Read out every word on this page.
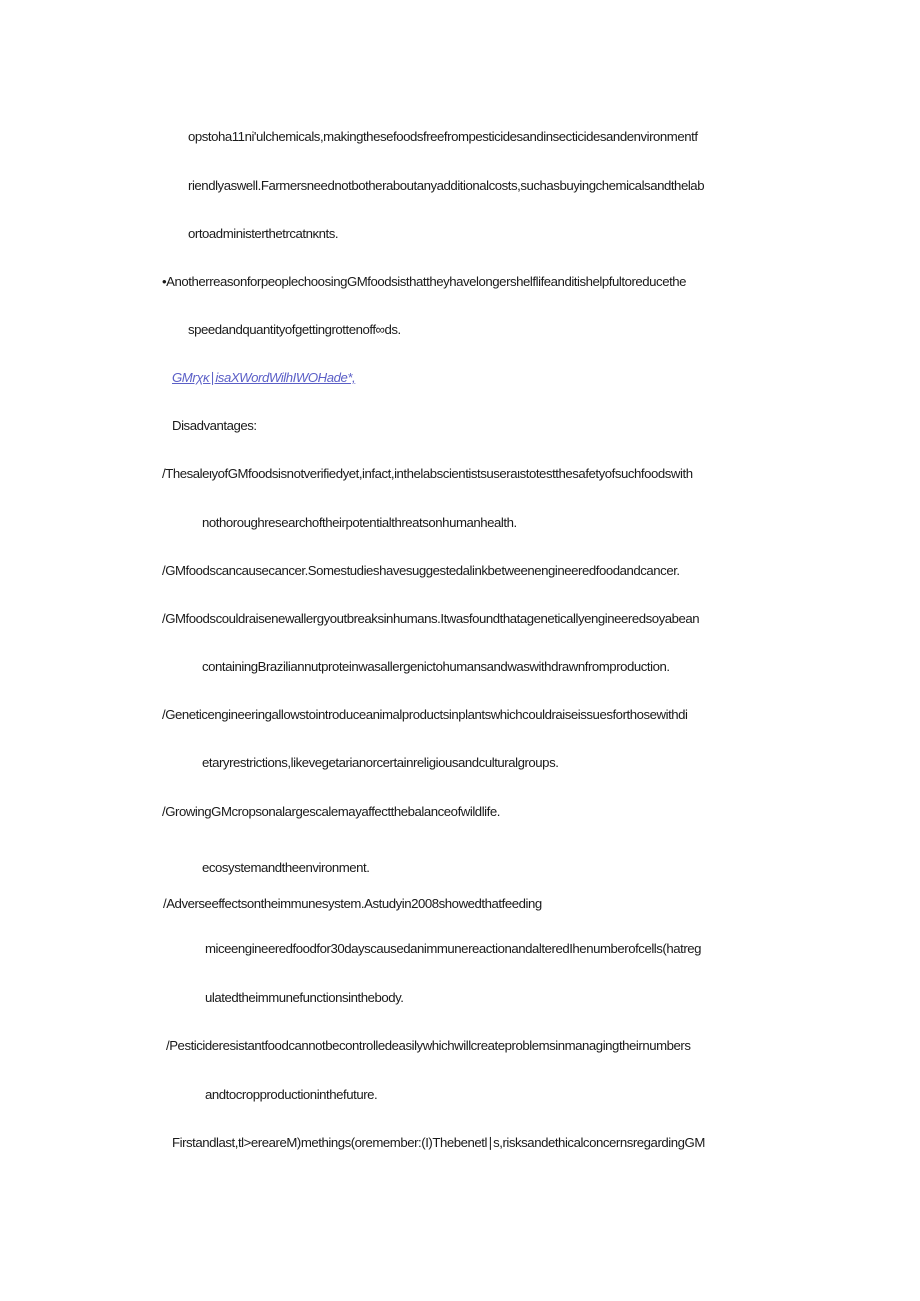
opstoha11ni'ulchemicals,makingthesefoodsfreefrompesticidesandinsecticidesandenvironmentf

riendlyaswell.Farmersneednotbotheraboutanyadditionalcosts,suchasbuyingchemicalsandthelab

ortoadministerthetrcatnκnts.

•AnotherreasonforpeoplechoosingGMfoodsisthattheyhavelongershelflifeanditishelpfultoreducethe

speedandquantityofgettingrottenoff∞ds.

GMrχκ∣isaXWordWilhIWOHade*,

Disadvantages:

/ThesaleιyofGMfoodsisnotverifiedyet,infact,inthelabscientistsuseraιstotestthesafetyofsuchfoodswith

nothoroughresearchoftheirpotentialthreatsonhumanhealth.

/GMfoodscancausecancer.Somestudieshavesuggestedalinkbetweenengineeredfoodandcancer.

/GMfoodscouldraisenewallergyoutbreaksinhumans.Itwasfoundthatageneticallyengineeredsoyabean

containingBraziliannutproteinwasallergenictohumansandwaswithdrawnfromproduction.

/Geneticengineeringallowstointroduceanimalproductsinplantswhichcouldraiseissuesforthosewithdi

etaryrestrictions,likevegetarianorcertainreligiousandculturalgroups.

/GrowingGMcropsonalargescalemayaffectthebalanceofwildlife.

ecosystemandtheenvironment.

/Adverseeffectsontheimmunesystem.Astudyin2008showedthatfeeding

miceengineeredfoodfor30dayscausedanimmunereactionandalteredIhenumberofcells(hatreg

ulatedtheimmunefunctionsinthebody.

/Pesticideresistantfoodcannotbecontrolledeasilywhichwillcreateproblemsinmanagingtheirnumbers

andtocropproductioninthefuture.

Firstandlast,tl>ereareM)methings(oremember:(I)Thebenetl∣s,risksandethicalconcernsregardingGM
